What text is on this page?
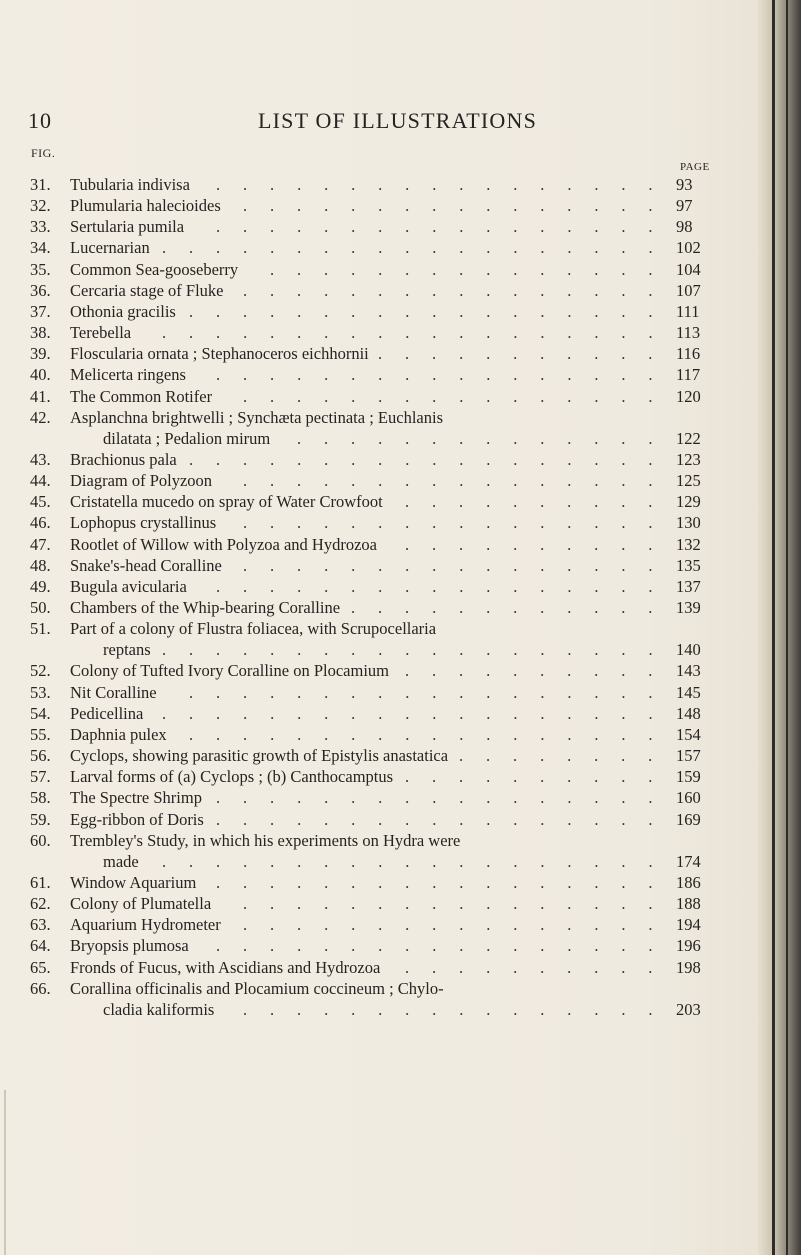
10	LIST OF ILLUSTRATIONS
FIG.
PAGE
31. Tubularia indivisa ................. 93
32. Plumularia halecioides ................ 97
33. Sertularia pumila ................. 98
34. Lucernarian ................... 102
35. Common Sea-gooseberry ............... 104
36. Cercaria stage of Fluke ................ 107
37. Othonia gracilis .................. 111
38. Terebella ................... 113
39. Floscularia ornata ; Stephanoceros eichhornii ........... 116
40. Melicerta ringens ................. 117
41. The Common Rotifer ................ 120
42. Asplanchna brightwelli ; Synchæta pectinata ; Euchlanis
dilatata ; Pedalion mirum .............. 122
43. Brachionus pala .................. 123
44. Diagram of Polyzoon ................ 125
45. Cristatella mucedo on spray of Water Crowfoot .......... 129
46. Lophopus crystallinus ................ 130
47. Rootlet of Willow with Polyzoa and Hydrozoa .......... 132
48. Snake's-head Coralline ................ 135
49. Bugula avicularia ................. 137
50. Chambers of the Whip-bearing Coralline ............ 139
51. Part of a colony of Flustra foliacea, with Scrupocellaria
reptans ................... 140
52. Colony of Tufted Ivory Coralline on Plocamium .......... 143
53. Nit Coralline .................. 145
54. Pedicellina ................... 148
55. Daphnia pulex .................. 154
56. Cyclops, showing parasitic growth of Epistylis anastatica ........ 157
57. Larval forms of (a) Cyclops ; (b) Canthocamptus .......... 159
58. The Spectre Shrimp ................. 160
59. Egg-ribbon of Doris ................. 169
60. Trembley's Study, in which his experiments on Hydra were
made ................... 174
61. Window Aquarium ................. 186
62. Colony of Plumatella ................ 188
63. Aquarium Hydrometer ................ 194
64. Bryopsis plumosa ................. 196
65. Fronds of Fucus, with Ascidians and Hydrozoa .......... 198
66. Corallina officinalis and Plocamium coccineum ; Chylo-
cladia kaliformis ................ 203
